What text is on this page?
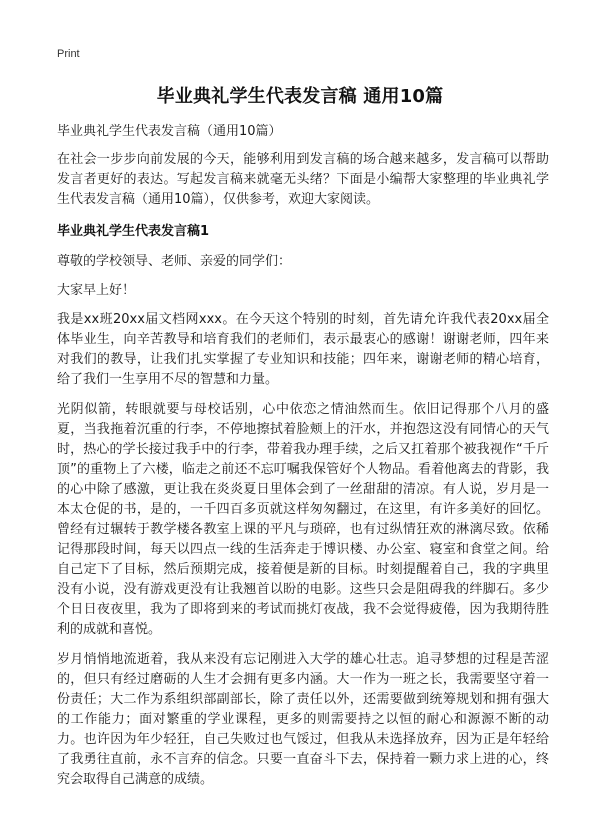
Print
毕业典礼学生代表发言稿 通用10篇

毕业典礼学生代表发言稿（通用10篇）

在社会一步步向前发展的今天，能够利用到发言稿的场合越来越多，发言稿可以帮助发言者更好的表达。写起发言稿来就毫无头绪？下面是小编帮大家整理的毕业典礼学生代表发言稿（通用10篇），仅供参考，欢迎大家阅读。

毕业典礼学生代表发言稿1

尊敬的学校领导、老师、亲爱的同学们：

大家早上好！

我是xx班20xx届文档网xxx。在今天这个特别的时刻，首先请允许我代表20xx届全体毕业生，向辛苦教导和培育我们的老师们，表示最衷心的感谢！谢谢老师，四年来对我们的教导，让我们扎实掌握了专业知识和技能；四年来，谢谢老师的精心培育，给了我们一生享用不尽的智慧和力量。

光阴似箭，转眼就要与母校话别，心中依恋之情油然而生。依旧记得那个八月的盛夏，当我拖着沉重的行李，不停地擦拭着脸颊上的汗水，并抱怨这没有同情心的天气时，热心的学长接过我手中的行李，带着我办理手续，之后又扛着那个被我视作“千斤顶”的重物上了六楼，临走之前还不忘叮嘱我保管好个人物品。看着他离去的背影，我的心中除了感激，更让我在炎炎夏日里体会到了一丝甜甜的清凉。有人说，岁月是一本太仓促的书，是的，一千四百多页就这样匆匆翻过，在这里，有许多美好的回忆。曾经有过辗转于教学楼各教室上课的平凡与琐碎，也有过纵情狂欢的淋漓尽致。依稀记得那段时间，每天以四点一线的生活奔走于博识楼、办公室、寝室和食堂之间。给自己定下了目标，然后预期完成，接着便是新的目标。时刻提醒着自己，我的字典里没有小说，没有游戏更没有让我翘首以盼的电影。这些只会是阻碍我的绊脚石。多少个日日夜夜里，我为了即将到来的考试而挑灯夜战，我不会觉得疲倦，因为我期待胜利的成就和喜悦。

岁月悄悄地流逝着，我从来没有忘记刚进入大学的雄心壮志。追寻梦想的过程是苦涩的，但只有经过磨砺的人生才会拥有更多内涵。大一作为一班之长，我需要坚守着一份责任；大二作为系组织部副部长，除了责任以外，还需要做到统筹规划和拥有强大的工作能力；面对繁重的学业课程，更多的则需要持之以恒的耐心和源源不断的动力。也许因为年少轻狂，自己失败过也气馁过，但我从未选择放弃，因为正是年轻给了我勇往直前，永不言弃的信念。只要一直奋斗下去，保持着一颗力求上进的心，终究会取得自己满意的成绩。
